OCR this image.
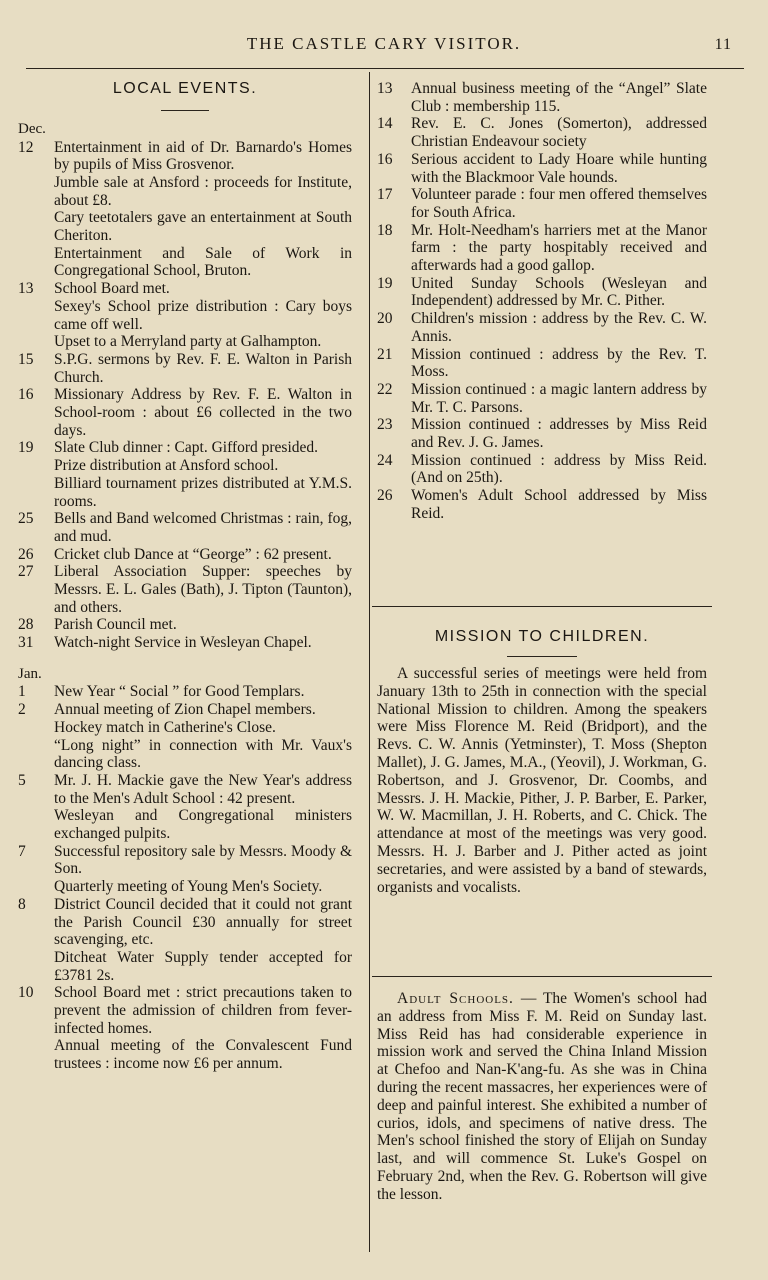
THE CASTLE CARY VISITOR.	11
LOCAL EVENTS.
Dec.
12	Entertainment in aid of Dr. Barnardo's Homes by pupils of Miss Grosvenor.
Jumble sale at Ansford : proceeds for Institute, about £8.
Cary teetotalers gave an entertainment at South Cheriton.
Entertainment and Sale of Work in Congregational School, Bruton.
13	School Board met.
Sexey's School prize distribution : Cary boys came off well.
Upset to a Merryland party at Galhampton.
15	S.P.G. sermons by Rev. F. E. Walton in Parish Church.
16	Missionary Address by Rev. F. E. Walton in School-room : about £6 collected in the two days.
19	Slate Club dinner : Capt. Gifford presided.
Prize distribution at Ansford school.
Billiard tournament prizes distributed at Y.M.S. rooms.
25	Bells and Band welcomed Christmas : rain, fog, and mud.
26	Cricket club Dance at “George” : 62 present.
27	Liberal Association Supper: speeches by Messrs. E. L. Gales (Bath), J. Tipton (Taunton), and others.
28	Parish Council met.
31	Watch-night Service in Wesleyan Chapel.
Jan.
1	New Year “ Social ” for Good Templars.
2	Annual meeting of Zion Chapel members.
Hockey match in Catherine's Close.
“Long night” in connection with Mr. Vaux's dancing class.
5	Mr. J. H. Mackie gave the New Year's address to the Men's Adult School : 42 present.
Wesleyan and Congregational ministers exchanged pulpits.
7	Successful repository sale by Messrs. Moody & Son.
Quarterly meeting of Young Men's Society.
8	District Council decided that it could not grant the Parish Council £30 annually for street scavenging, etc.
Ditcheat Water Supply tender accepted for £3781 2s.
10	School Board met : strict precautions taken to prevent the admission of children from fever-infected homes.
Annual meeting of the Convalescent Fund trustees : income now £6 per annum.
13	Annual business meeting of the “Angel” Slate Club : membership 115.
14	Rev. E. C. Jones (Somerton), addressed Christian Endeavour society
16	Serious accident to Lady Hoare while hunting with the Blackmoor Vale hounds.
17	Volunteer parade : four men offered themselves for South Africa.
18	Mr. Holt-Needham's harriers met at the Manor farm : the party hospitably received and afterwards had a good gallop.
19	United Sunday Schools (Wesleyan and Independent) addressed by Mr. C. Pither.
20	Children's mission : address by the Rev. C. W. Annis.
21	Mission continued : address by the Rev. T. Moss.
22	Mission continued : a magic lantern address by Mr. T. C. Parsons.
23	Mission continued : addresses by Miss Reid and Rev. J. G. James.
24	Mission continued : address by Miss Reid. (And on 25th).
26	Women's Adult School addressed by Miss Reid.
MISSION TO CHILDREN.

A successful series of meetings were held from January 13th to 25th in connection with the special National Mission to children. Among the speakers were Miss Florence M. Reid (Bridport), and the Revs. C. W. Annis (Yetminster), T. Moss (Shepton Mallet), J. G. James, M.A., (Yeovil), J. Workman, G. Robertson, and J. Grosvenor, Dr. Coombs, and Messrs. J. H. Mackie, Pither, J. P. Barber, E. Parker, W. W. Macmillan, J. H. Roberts, and C. Chick. The attendance at most of the meetings was very good. Messrs. H. J. Barber and J. Pither acted as joint secretaries, and were assisted by a band of stewards, organists and vocalists.

Adult Schools. — The Women's school had an address from Miss F. M. Reid on Sunday last. Miss Reid has had considerable experience in mission work and served the China Inland Mission at Chefoo and Nan-K'ang-fu. As she was in China during the recent massacres, her experiences were of deep and painful interest. She exhibited a number of curios, idols, and specimens of native dress. The Men's school finished the story of Elijah on Sunday last, and will commence St. Luke's Gospel on February 2nd, when the Rev. G. Robertson will give the lesson.
